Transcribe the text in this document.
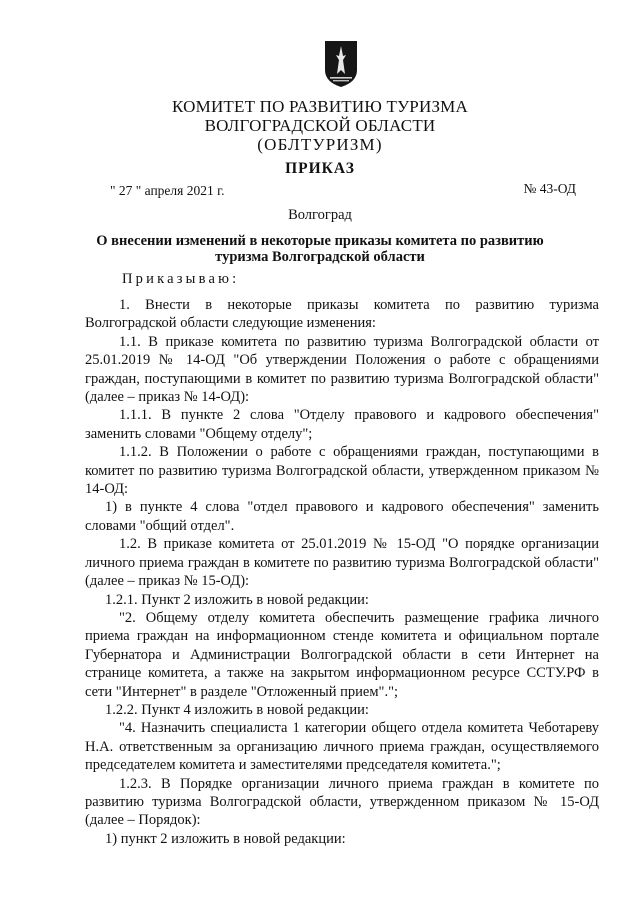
КОМИТЕТ ПО РАЗВИТИЮ ТУРИЗМА
ВОЛГОГРАДСКОЙ ОБЛАСТИ
(ОБЛТУРИЗМ)
ПРИКАЗ
" 27 " апреля 2021 г.	№ 43-ОД
Волгоград
О внесении изменений в некоторые приказы комитета по развитию
туризма Волгоградской области
Приказываю:

1. Внести в некоторые приказы комитета по развитию туризма Волгоградской области следующие изменения:

1.1. В приказе комитета по развитию туризма Волгоградской области от 25.01.2019 № 14-ОД "Об утверждении Положения о работе с обращениями граждан, поступающими в комитет по развитию туризма Волгоградской области" (далее – приказ № 14-ОД):

1.1.1. В пункте 2 слова "Отделу правового и кадрового обеспечения" заменить словами "Общему отделу";

1.1.2. В Положении о работе с обращениями граждан, поступающими в комитет по развитию туризма Волгоградской области, утвержденном приказом № 14-ОД:

1) в пункте 4 слова "отдел правового и кадрового обеспечения" заменить словами "общий отдел".

1.2. В приказе комитета от 25.01.2019 № 15-ОД "О порядке организации личного приема граждан в комитете по развитию туризма Волгоградской области" (далее – приказ № 15-ОД):

1.2.1. Пункт 2 изложить в новой редакции:

"2. Общему отделу комитета обеспечить размещение графика личного приема граждан на информационном стенде комитета и официальном портале Губернатора и Администрации Волгоградской области в сети Интернет на странице комитета, а также на закрытом информационном ресурсе ССТУ.РФ в сети "Интернет" в разделе "Отложенный прием".";

1.2.2. Пункт 4 изложить в новой редакции:

"4. Назначить специалиста 1 категории общего отдела комитета Чеботареву Н.А. ответственным за организацию личного приема граждан, осуществляемого председателем комитета и заместителями председателя комитета.";

1.2.3. В Порядке организации личного приема граждан в комитете по развитию туризма Волгоградской области, утвержденном приказом № 15-ОД (далее – Порядок):

1) пункт 2 изложить в новой редакции:
